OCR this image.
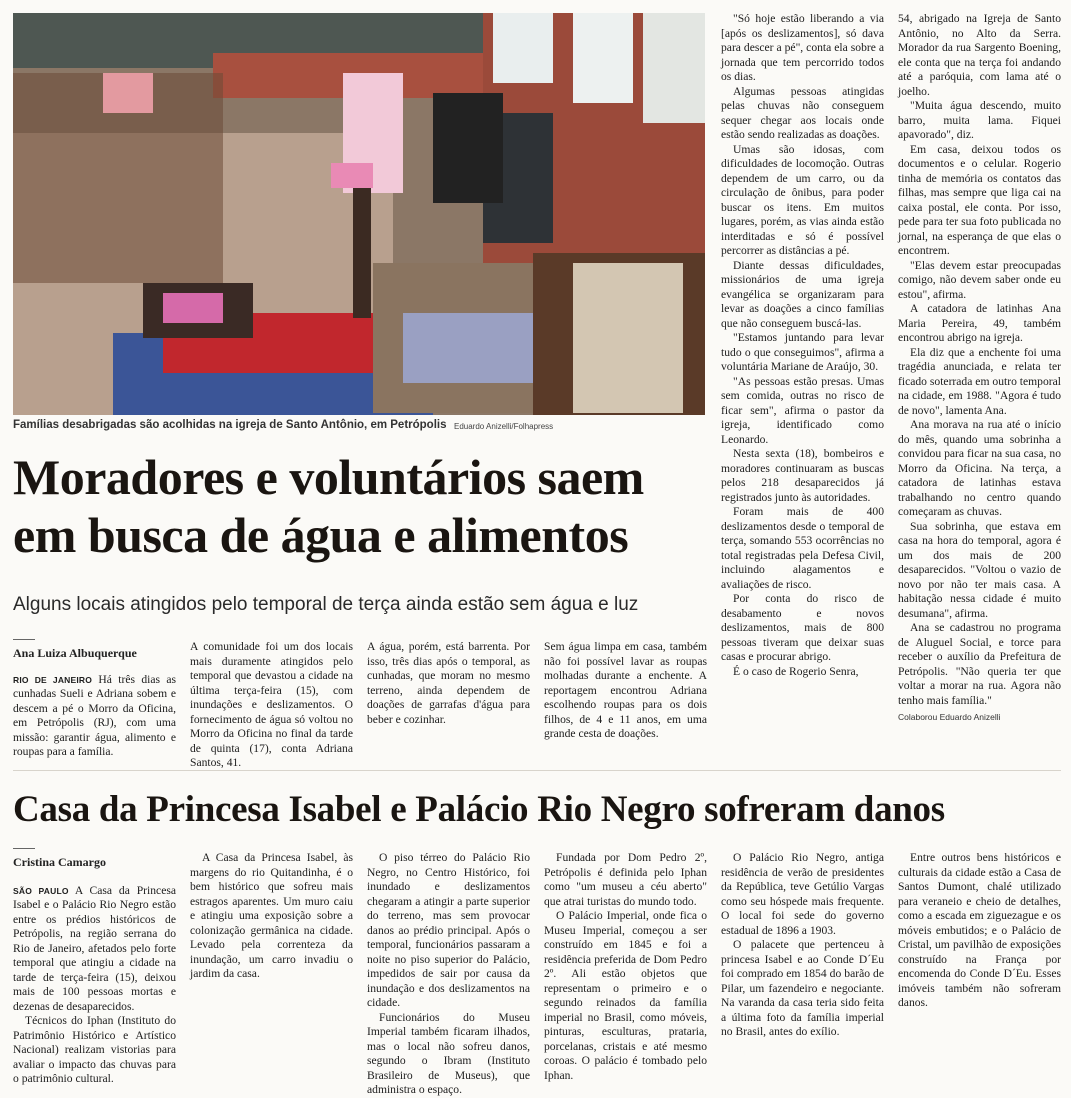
Famílias desabrigadas são acolhidas na igreja de Santo Antônio, em Petrópolis Eduardo Anizelli/Folhapress
Moradores e voluntários saem
em busca de água e alimentos
Alguns locais atingidos pelo temporal de terça ainda estão sem água e luz
Ana Luiza Albuquerque

RIO DE JANEIRO Há três dias as cunhadas Sueli e Adriana sobem e descem a pé o Morro da Oficina, em Petrópolis (RJ), com uma missão: garantir água, alimento e roupas para a família.

A comunidade foi um dos locais mais duramente atingidos pelo temporal que devastou a cidade na última terça-feira (15), com inundações e deslizamentos. O fornecimento de água só voltou no Morro da Oficina no final da tarde de quinta (17), conta Adriana Santos, 41.

A água, porém, está barrenta. Por isso, três dias após o temporal, as cunhadas, que moram no mesmo terreno, ainda dependem de doações de garrafas d'água para beber e cozinhar.

Sem água limpa em casa, também não foi possível lavar as roupas molhadas durante a enchente. A reportagem encontrou Adriana escolhendo roupas para os dois filhos, de 4 e 11 anos, em uma grande cesta de doações.

"Só hoje estão liberando a via [após os deslizamentos], só dava para descer a pé", conta ela sobre a jornada que tem percorrido todos os dias.

Algumas pessoas atingidas pelas chuvas não conseguem sequer chegar aos locais onde estão sendo realizadas as doações.

Umas são idosas, com dificuldades de locomoção. Outras dependem de um carro, ou da circulação de ônibus, para poder buscar os itens. Em muitos lugares, porém, as vias ainda estão interditadas e só é possível percorrer as distâncias a pé.

Diante dessas dificuldades, missionários de uma igreja evangélica se organizaram para levar as doações a cinco famílias que não conseguem buscá-las.

"Estamos juntando para levar tudo o que conseguimos", afirma a voluntária Mariane de Araújo, 30.

"As pessoas estão presas. Umas sem comida, outras no risco de ficar sem", afirma o pastor da igreja, identificado como Leonardo.

Nesta sexta (18), bombeiros e moradores continuaram as buscas pelos 218 desaparecidos já registrados junto às autoridades.

Foram mais de 400 deslizamentos desde o temporal de terça, somando 553 ocorrências no total registradas pela Defesa Civil, incluindo alagamentos e avaliações de risco.

Por conta do risco de desabamento e novos deslizamentos, mais de 800 pessoas tiveram que deixar suas casas e procurar abrigo.

É o caso de Rogerio Senra,

54, abrigado na Igreja de Santo Antônio, no Alto da Serra. Morador da rua Sargento Boening, ele conta que na terça foi andando até a paróquia, com lama até o joelho.

"Muita água descendo, muito barro, muita lama. Fiquei apavorado", diz.

Em casa, deixou todos os documentos e o celular. Rogerio tinha de memória os contatos das filhas, mas sempre que liga cai na caixa postal, ele conta. Por isso, pede para ter sua foto publicada no jornal, na esperança de que elas o encontrem.

"Elas devem estar preocupadas comigo, não devem saber onde eu estou", afirma.

A catadora de latinhas Ana Maria Pereira, 49, também encontrou abrigo na igreja.

Ela diz que a enchente foi uma tragédia anunciada, e relata ter ficado soterrada em outro temporal na cidade, em 1988. "Agora é tudo de novo", lamenta Ana.

Ana morava na rua até o início do mês, quando uma sobrinha a convidou para ficar na sua casa, no Morro da Oficina. Na terça, a catadora de latinhas estava trabalhando no centro quando começaram as chuvas.

Sua sobrinha, que estava em casa na hora do temporal, agora é um dos mais de 200 desaparecidos. "Voltou o vazio de novo por não ter mais casa. A habitação nessa cidade é muito desumana", afirma.

Ana se cadastrou no programa de Aluguel Social, e torce para receber o auxílio da Prefeitura de Petrópolis. "Não queria ter que voltar a morar na rua. Agora não tenho mais família."

Colaborou Eduardo Anizelli
Casa da Princesa Isabel e Palácio Rio Negro sofreram danos
Cristina Camargo

SÃO PAULO A Casa da Princesa Isabel e o Palácio Rio Negro estão entre os prédios históricos de Petrópolis, na região serrana do Rio de Janeiro, afetados pelo forte temporal que atingiu a cidade na tarde de terça-feira (15), deixou mais de 100 pessoas mortas e dezenas de desaparecidos.

Técnicos do Iphan (Instituto do Patrimônio Histórico e Artístico Nacional) realizam vistorias para avaliar o impacto das chuvas para o patrimônio cultural.

A Casa da Princesa Isabel, às margens do rio Quitandinha, é o bem histórico que sofreu mais estragos aparentes. Um muro caiu e atingiu uma exposição sobre a colonização germânica na cidade. Levado pela correnteza da inundação, um carro invadiu o jardim da casa.

O piso térreo do Palácio Rio Negro, no Centro Histórico, foi inundado e deslizamentos chegaram a atingir a parte superior do terreno, mas sem provocar danos ao prédio principal. Após o temporal, funcionários passaram a noite no piso superior do Palácio, impedidos de sair por causa da inundação e dos deslizamentos na cidade.

Funcionários do Museu Imperial também ficaram ilhados, mas o local não sofreu danos, segundo o Ibram (Instituto Brasileiro de Museus), que administra o espaço.

Fundada por Dom Pedro 2º, Petrópolis é definida pelo Iphan como "um museu a céu aberto" que atrai turistas do mundo todo.

O Palácio Imperial, onde fica o Museu Imperial, começou a ser construído em 1845 e foi a residência preferida de Dom Pedro 2º. Ali estão objetos que representam o primeiro e o segundo reinados da família imperial no Brasil, como móveis, pinturas, esculturas, prataria, porcelanas, cristais e até mesmo coroas. O palácio é tombado pelo Iphan.

O Palácio Rio Negro, antiga residência de verão de presidentes da República, teve Getúlio Vargas como seu hóspede mais frequente. O local foi sede do governo estadual de 1896 a 1903.

O palacete que pertenceu à princesa Isabel e ao Conde D´Eu foi comprado em 1854 do barão de Pilar, um fazendeiro e negociante. Na varanda da casa teria sido feita a última foto da família imperial no Brasil, antes do exílio.

Entre outros bens históricos e culturais da cidade estão a Casa de Santos Dumont, chalé utilizado para veraneio e cheio de detalhes, como a escada em ziguezague e os móveis embutidos; e o Palácio de Cristal, um pavilhão de exposições construído na França por encomenda do Conde D´Eu. Esses imóveis também não sofreram danos.
